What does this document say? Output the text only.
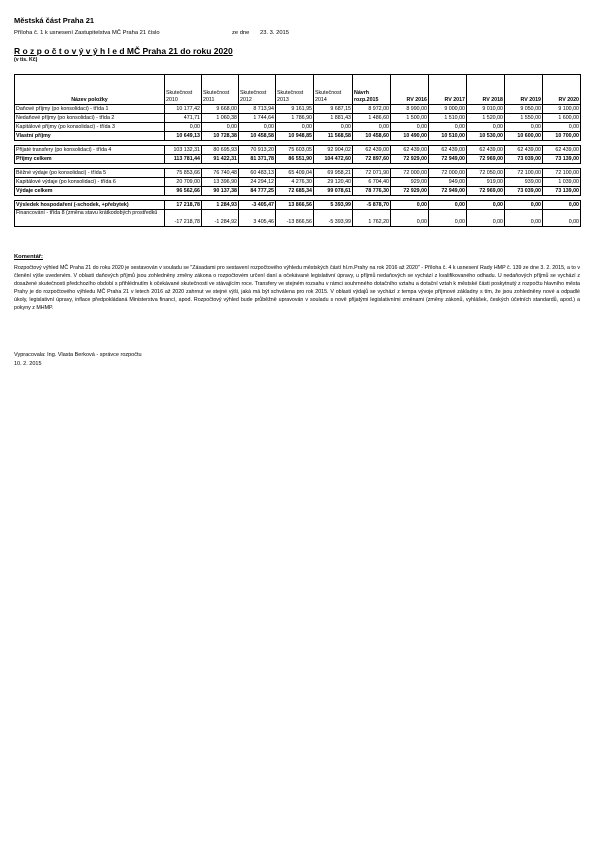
Městská část Praha 21
Příloha č. 1 k usnesení Zastupitelstva MČ Praha 21 číslo	ze dne 23. 3. 2015
R o z p o č t o v ý v ý h l e d MČ Praha 21 do roku 2020
(v tis. Kč)
Název položky	Skutečnost 2010	Skutečnost 2011	Skutečnost 2012	Skutečnost 2013	Skutečnost 2014	Návrh rozp.2015	RV 2016	RV 2017	RV 2018	RV 2019	RV 2020
Daňové příjmy (po konsolidaci) - třída 1	10 177,42	9 668,00	8 713,94	9 161,95	9 687,15	8 972,00	8 990,00	9 000,00	9 010,00	9 050,00	9 100,00
Nedaňové příjmy (po konsolidaci) - třída 2	471,71	1 060,38	1 744,64	1 786,90	1 881,43	1 486,60	1 500,00	1 510,00	1 520,00	1 550,00	1 600,00
Kapitálové příjmy (po konsolidaci) - třída 3	0,00	0,00	0,00	0,00	0,00	0,00	0,00	0,00	0,00	0,00	0,00
Vlastní příjmy	10 649,13	10 728,38	10 458,58	10 948,85	11 568,58	10 458,60	10 490,00	10 510,00	10 530,00	10 600,00	10 700,00

Přijaté transfery (po konsolidaci) - třída 4	103 132,31	80 695,93	70 913,20	75 603,05	92 904,02	62 439,00	62 439,00	62 439,00	62 439,00	62 439,00	62 439,00
Příjmy celkem	113 781,44	91 422,31	81 371,78	86 551,90	104 472,60	72 897,60	72 929,00	72 949,00	72 969,00	73 039,00	73 139,00

Běžné výdaje (po konsolidaci) - třída 5	75 853,66	76 740,48	60 483,13	65 409,04	69 958,21	72 071,90	72 000,00	72 000,00	72 050,00	72 100,00	72 100,00
Kapitálové výdaje (po konsolidaci) - třída 6	20 709,00	13 396,90	24 294,12	4 276,30	29 120,40	6 704,40	929,00	949,00	919,00	939,00	1 039,00
Výdaje celkem	96 562,66	90 137,38	84 777,25	72 685,34	99 078,61	78 776,30	72 929,00	72 949,00	72 969,00	73 039,00	73 139,00

Výsledek hospodaření (-schodek, +přebytek)	17 218,78	1 284,93	-3 405,47	13 866,56	5 393,99	-5 878,70	0,00	0,00	0,00	0,00	0,00
Financování - třída 8 (změna stavu krátkodobých prostředků	-17 218,78	-1 284,92	3 405,46	-13 866,56	-5 393,99	1 762,20	0,00	0,00	0,00	0,00	0,00
Komentář:
Rozpočtový výhled MČ Praha 21 do roku 2020 je sestavován v souladu se "Zásadami pro sestavení rozpočtového výhledu městských částí hl.m.Prahy na rok 2016 až 2020" - Příloha č. 4 k usnesení Rady HMP č. 139 ze dne 3. 2. 2015, a to v členění výše uvedeném. V oblasti daňových příjmů jsou zohledněny změny zákona o rozpočtovém určení daní a očekávané legislativní úpravy, u příjmů nedaňových se vychází z kvalifikovaného odhadu. U nedaňových příjmů se vychází z dosažené skutečnosti předchozího období s přihlédnutím k očekávané skutečnosti ve stávajícím roce. Transfery ve stejném rozsahu v rámci souhrnného dotačního vztahu a dotační vztah k městské části poskytnutý z rozpočtu hlavního města Prahy je do rozpočtového výhledu MČ Praha 21 v letech 2016 až 2020 zahrnut ve stejné výši, jaká má být schválena pro rok 2015. V oblasti výdajů se vychází z tempa vývoje příjmové základny s tím, že jsou zohledněny nové a odpadlé úkoly, legislativní úpravy, inflace předpokládaná Ministerstva financí, apod. Rozpočtový výhled bude průběžně upravován v souladu s nově přijatými legislativními změnami (změny zákonů, vyhlášek, českých účetních standardů, apod.) a pokyny z MHMP.
Vypracovala: Ing. Vlasta Berková - správce rozpočtu
10. 2. 2015
